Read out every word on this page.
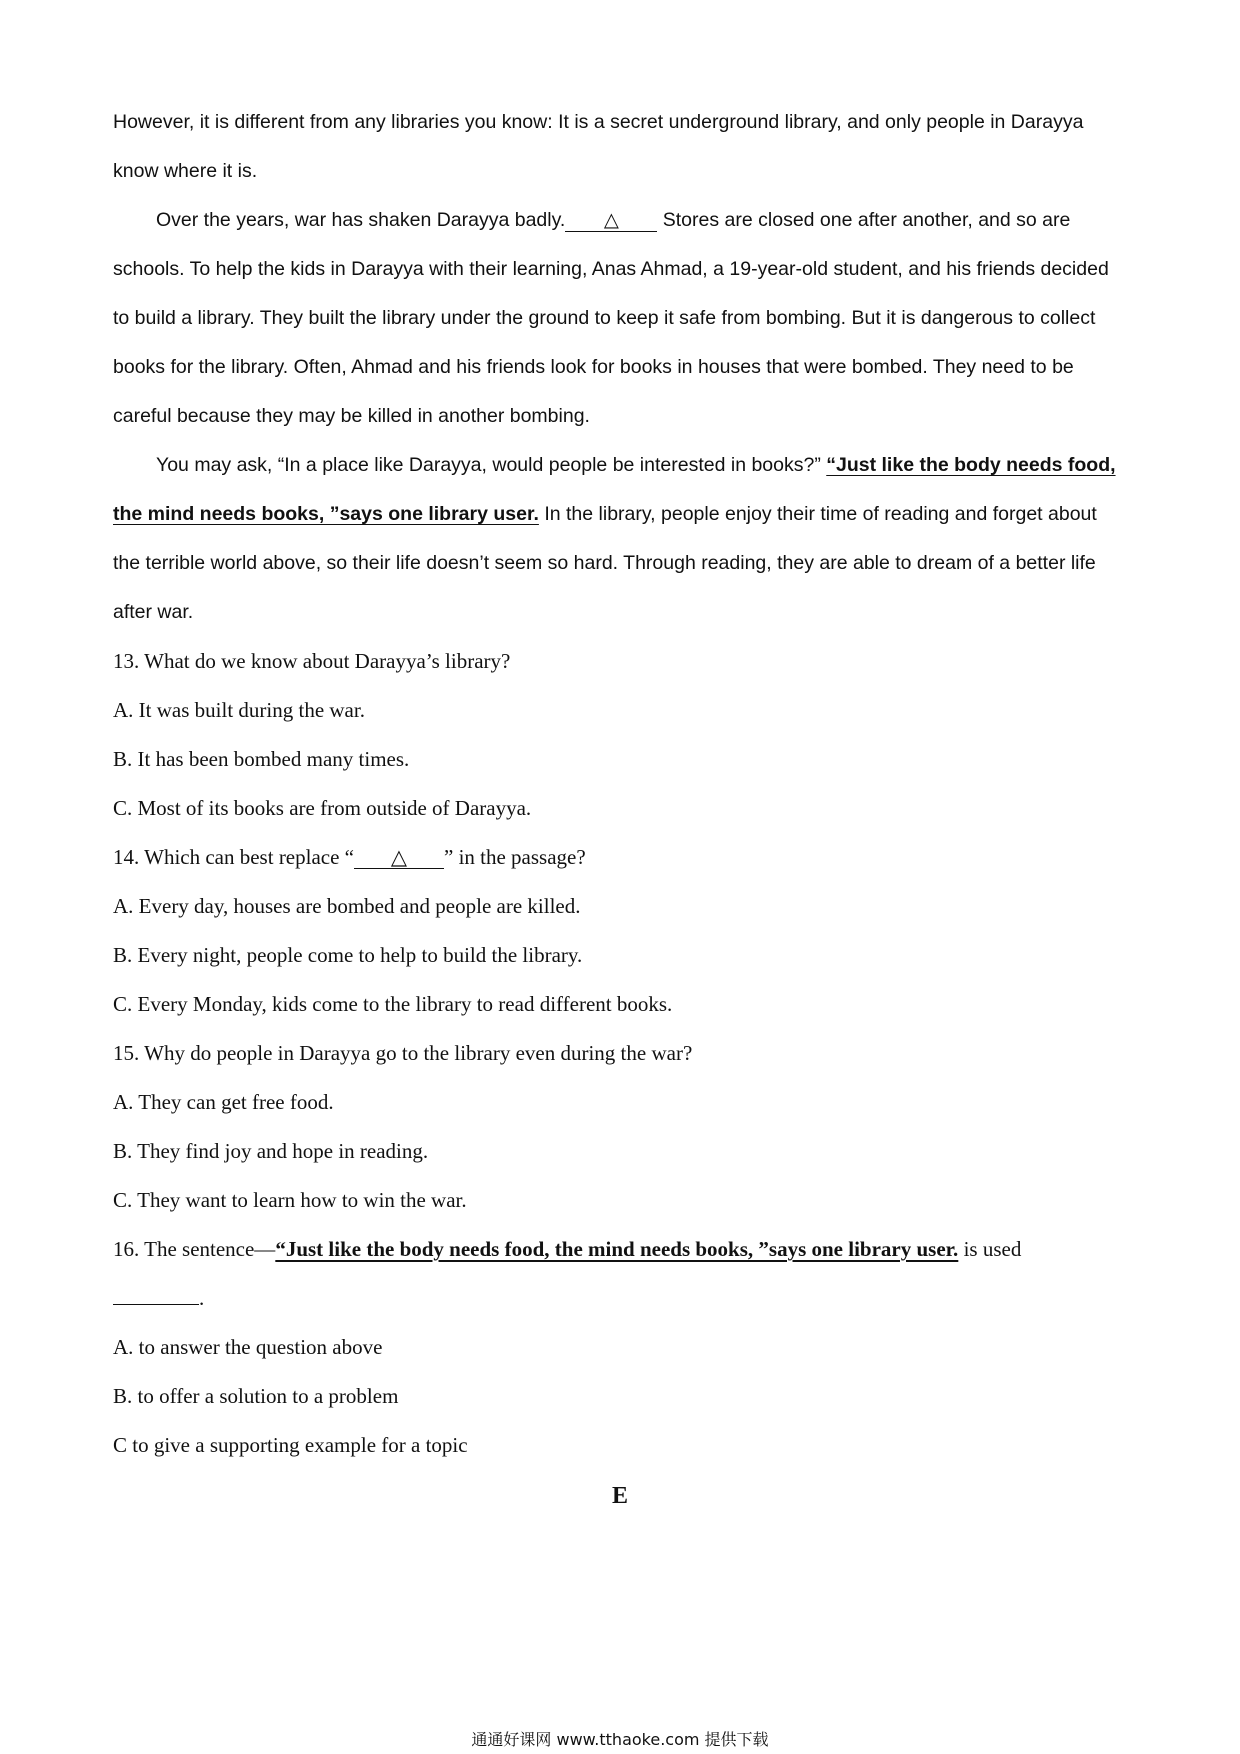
However, it is different from any libraries you know: It is a secret underground library, and only people in Darayya know where it is.

Over the years, war has shaken Darayya badly. △ Stores are closed one after another, and so are schools. To help the kids in Darayya with their learning, Anas Ahmad, a 19-year-old student, and his friends decided to build a library. They built the library under the ground to keep it safe from bombing. But it is dangerous to collect books for the library. Often, Ahmad and his friends look for books in houses that were bombed. They need to be careful because they may be killed in another bombing.

You may ask, “In a place like Darayya, would people be interested in books?” “Just like the body needs food, the mind needs books, ”says one library user. In the library, people enjoy their time of reading and forget about the terrible world above, so their life doesn’t seem so hard. Through reading, they are able to dream of a better life after war.

13. What do we know about Darayya’s library?

A. It was built during the war.

B. It has been bombed many times.

C. Most of its books are from outside of Darayya.

14. Which can best replace “ △ ” in the passage?

A. Every day, houses are bombed and people are killed.

B. Every night, people come to help to build the library.

C. Every Monday, kids come to the library to read different books.

15. Why do people in Darayya go to the library even during the war?

A. They can get free food.

B. They find joy and hope in reading.

C. They want to learn how to win the war.

16. The sentence—“Just like the body needs food, the mind needs books, ”says one library user. is used

.

A. to answer the question above

B. to offer a solution to a problem

C to give a supporting example for a topic

E
通通好课网 www.tthaoke.com 提供下载
